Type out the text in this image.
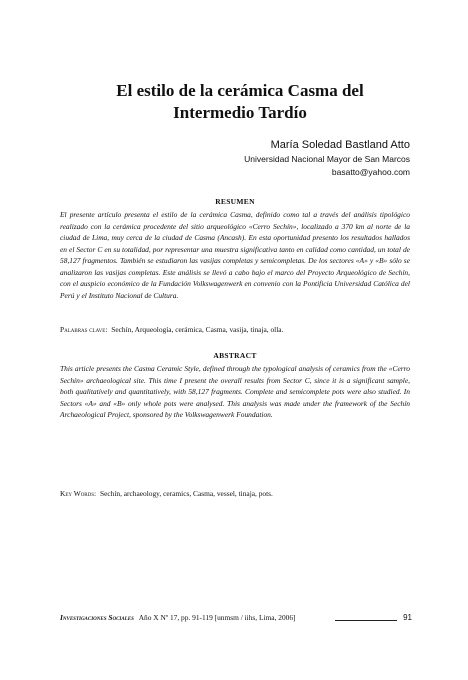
El estilo de la cerámica Casma del
Intermedio Tardío
María Soledad Bastland Atto
Universidad Nacional Mayor de San Marcos
basatto@yahoo.com
RESUMEN
El presente artículo presenta el estilo de la cerámica Casma, definido como tal a través del análisis tipológico realizado con la cerámica procedente del sitio arqueológico «Cerro Sechín», localizado a 370 km al norte de la ciudad de Lima, muy cerca de la ciudad de Casma (Ancash). En esta oportunidad presento los resultados hallados en el Sector C en su totalidad, por representar una muestra significativa tanto en calidad como cantidad, un total de 58,127 fragmentos. También se estudiaron las vasijas completas y semicompletas. De los sectores «A» y «B» sólo se analizaron las vasijas completas. Este análisis se llevó a cabo bajo el marco del Proyecto Arqueológico de Sechín, con el auspicio económico de la Fundación Volkswagenwerk en convenio con la Pontificia Universidad Católica del Perú y el Instituto Nacional de Cultura.
Palabras clave: Sechín, Arqueología, cerámica, Casma, vasija, tinaja, olla.
ABSTRACT
This article presents the Casma Ceramic Style, defined through the typological analysis of ceramics from the «Cerro Sechín» archaeological site. This time I present the overall results from Sector C, since it is a significant sample, both qualitatively and quantitatively, with 58,127 fragments. Complete and semicomplete pots were also studied. In Sectors «A» and «B» only whole pots were analysed. This analysis was made under the framework of the Sechín Archaeological Project, sponsored by the Volkswagenwerk Foundation.
Key Words: Sechín, archaeology, ceramics, Casma, vessel, tinaja, pots.
Investigaciones Sociales Año X Nº 17, pp. 91-119 [unmsm / iihs, Lima, 2006]	91
